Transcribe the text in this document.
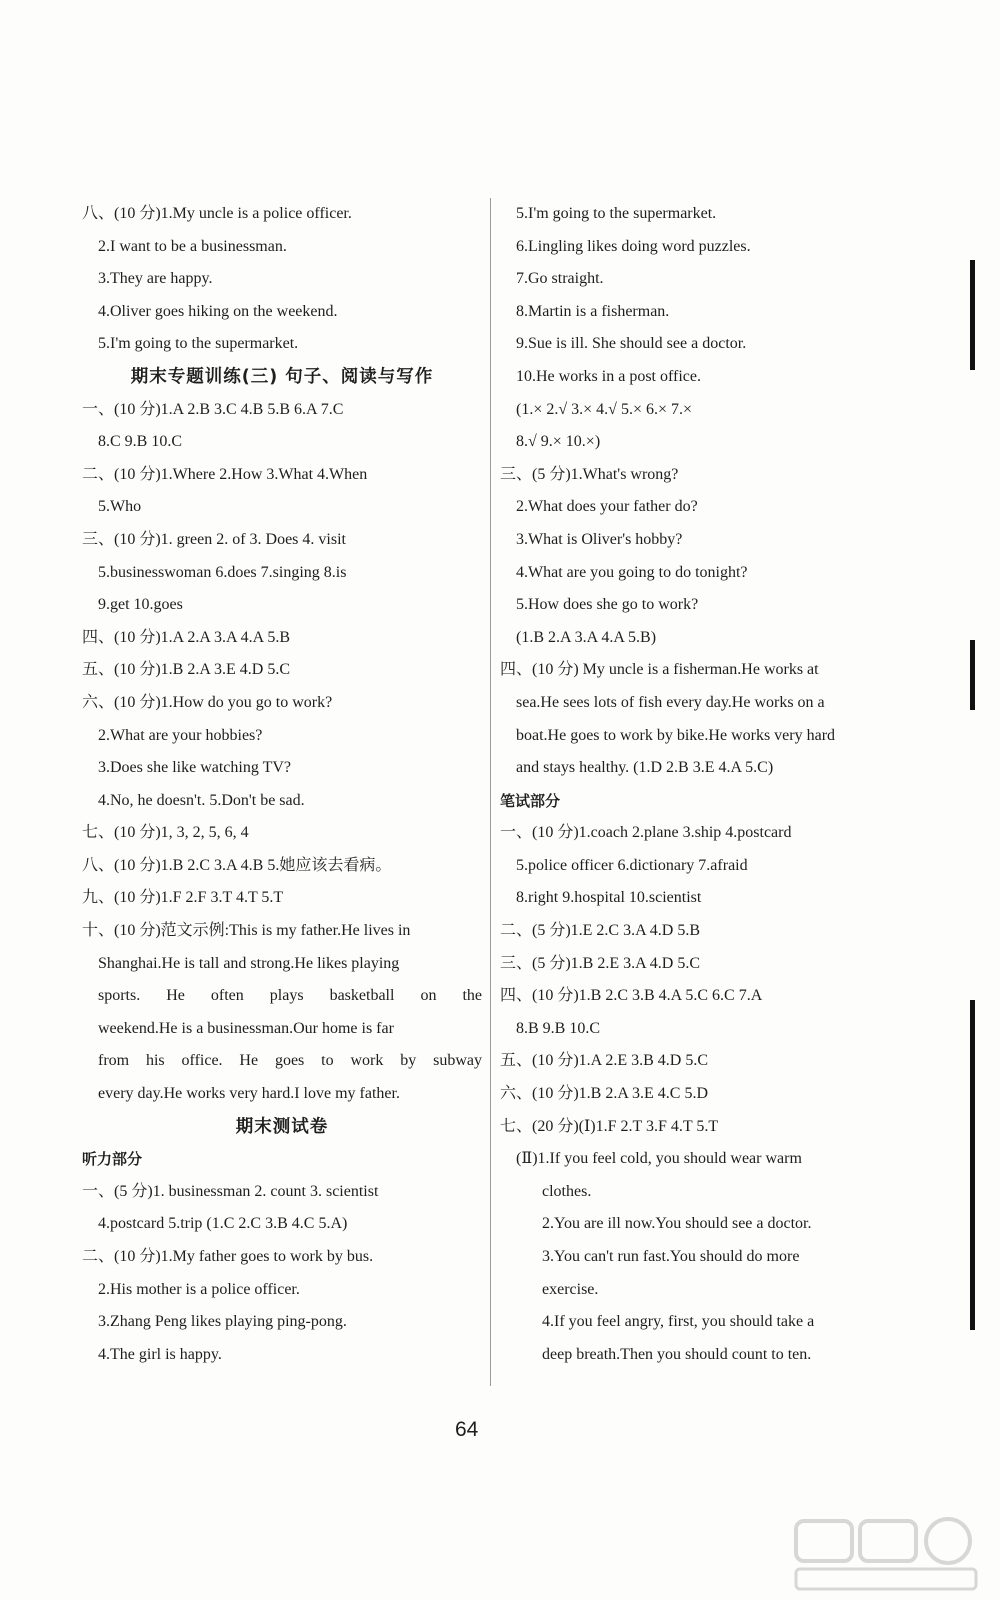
八、(10 分)1.My uncle is a police officer.
2.I want to be a businessman.
3.They are happy.
4.Oliver goes hiking on the weekend.
5.I'm going to the supermarket.
期末专题训练(三) 句子、阅读与写作
一、(10 分)1.A 2.B 3.C 4.B 5.B 6.A 7.C
8.C 9.B 10.C
二、(10 分)1.Where 2.How 3.What 4.When
5.Who
三、(10 分)1. green 2. of 3. Does 4. visit
5.businesswoman 6.does 7.singing 8.is
9.get 10.goes
四、(10 分)1.A 2.A 3.A 4.A 5.B
五、(10 分)1.B 2.A 3.E 4.D 5.C
六、(10 分)1.How do you go to work?
2.What are your hobbies?
3.Does she like watching TV?
4.No, he doesn't. 5.Don't be sad.
七、(10 分)1, 3, 2, 5, 6, 4
八、(10 分)1.B 2.C 3.A 4.B 5.她应该去看病。
九、(10 分)1.F 2.F 3.T 4.T 5.T
十、(10 分)范文示例:This is my father.He lives in
Shanghai.He is tall and strong.He likes playing
sports. He often plays basketball on the
weekend.He is a businessman.Our home is far
from his office. He goes to work by subway
every day.He works very hard.I love my father.
期末测试卷
听力部分
一、(5 分)1. businessman 2. count 3. scientist
4.postcard 5.trip (1.C 2.C 3.B 4.C 5.A)
二、(10 分)1.My father goes to work by bus.
2.His mother is a police officer.
3.Zhang Peng likes playing ping-pong.
4.The girl is happy.
5.I'm going to the supermarket.
6.Lingling likes doing word puzzles.
7.Go straight.
8.Martin is a fisherman.
9.Sue is ill. She should see a doctor.
10.He works in a post office.
(1.× 2.√ 3.× 4.√ 5.× 6.× 7.×
8.√ 9.× 10.×)
三、(5 分)1.What's wrong?
2.What does your father do?
3.What is Oliver's hobby?
4.What are you going to do tonight?
5.How does she go to work?
(1.B 2.A 3.A 4.A 5.B)
四、(10 分) My uncle is a fisherman.He works at
sea.He sees lots of fish every day.He works on a
boat.He goes to work by bike.He works very hard
and stays healthy. (1.D 2.B 3.E 4.A 5.C)
笔试部分
一、(10 分)1.coach 2.plane 3.ship 4.postcard
5.police officer 6.dictionary 7.afraid
8.right 9.hospital 10.scientist
二、(5 分)1.E 2.C 3.A 4.D 5.B
三、(5 分)1.B 2.E 3.A 4.D 5.C
四、(10 分)1.B 2.C 3.B 4.A 5.C 6.C 7.A
8.B 9.B 10.C
五、(10 分)1.A 2.E 3.B 4.D 5.C
六、(10 分)1.B 2.A 3.E 4.C 5.D
七、(20 分)(Ⅰ)1.F 2.T 3.F 4.T 5.T
(Ⅱ)1.If you feel cold, you should wear warm
clothes.
2.You are ill now.You should see a doctor.
3.You can't run fast.You should do more
exercise.
4.If you feel angry, first, you should take a
deep breath.Then you should count to ten.
64
